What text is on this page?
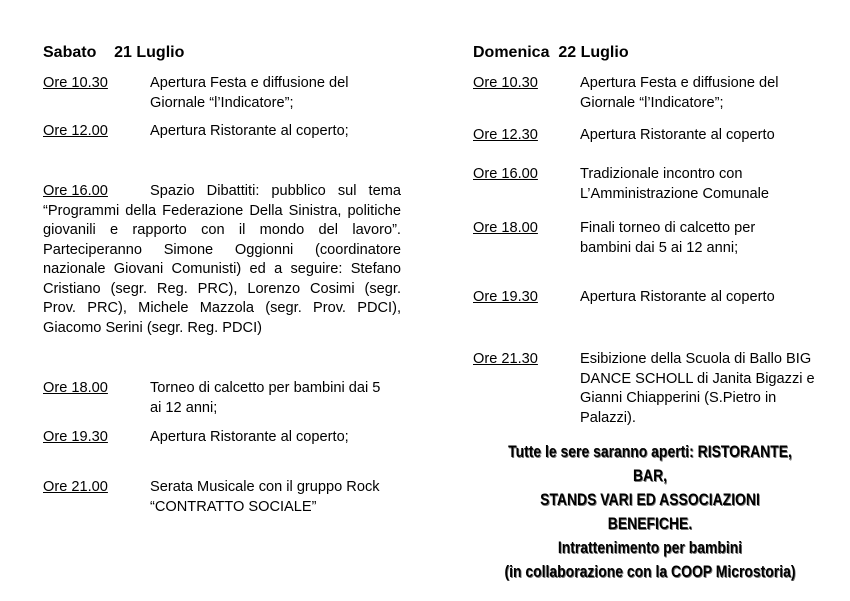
Sabato    21 Luglio
Ore 10.30	Apertura Festa e diffusione del Giornale “l’Indicatore”;
Ore 12.00	Apertura Ristorante al coperto;
Ore 16.00	Spazio Dibattiti: pubblico sul tema “Programmi della Federazione Della Sinistra, politiche giovanili e rapporto con il mondo del lavoro”. Parteciperanno Simone Oggionni (coordinatore nazionale Giovani Comunisti) ed a seguire: Stefano Cristiano (segr. Reg. PRC), Lorenzo Cosimi (segr. Prov. PRC), Michele Mazzola (segr. Prov. PDCI), Giacomo Serini (segr. Reg. PDCI)
Ore 18.00	Torneo di calcetto per bambini dai 5 ai 12 anni;
Ore 19.30	Apertura Ristorante al coperto;
Ore 21.00	Serata Musicale con il gruppo Rock “CONTRATTO SOCIALE”
Domenica  22 Luglio
Ore 10.30	Apertura Festa e diffusione del Giornale “l’Indicatore”;
Ore 12.30	Apertura Ristorante al coperto
Ore 16.00	Tradizionale incontro con L’Amministrazione Comunale
Ore 18.00	Finali torneo di calcetto per bambini dai 5 ai 12 anni;
Ore 19.30	Apertura Ristorante al coperto
Ore 21.30	Esibizione della Scuola di Ballo BIG DANCE SCHOLL di Janita Bigazzi e Gianni Chiapperini (S.Pietro in Palazzi).
Tutte le sere saranno aperti: RISTORANTE, BAR,
STANDS VARI ED ASSOCIAZIONI BENEFICHE.
Intrattenimento per bambini
(in collaborazione con la COOP Microstoria)
